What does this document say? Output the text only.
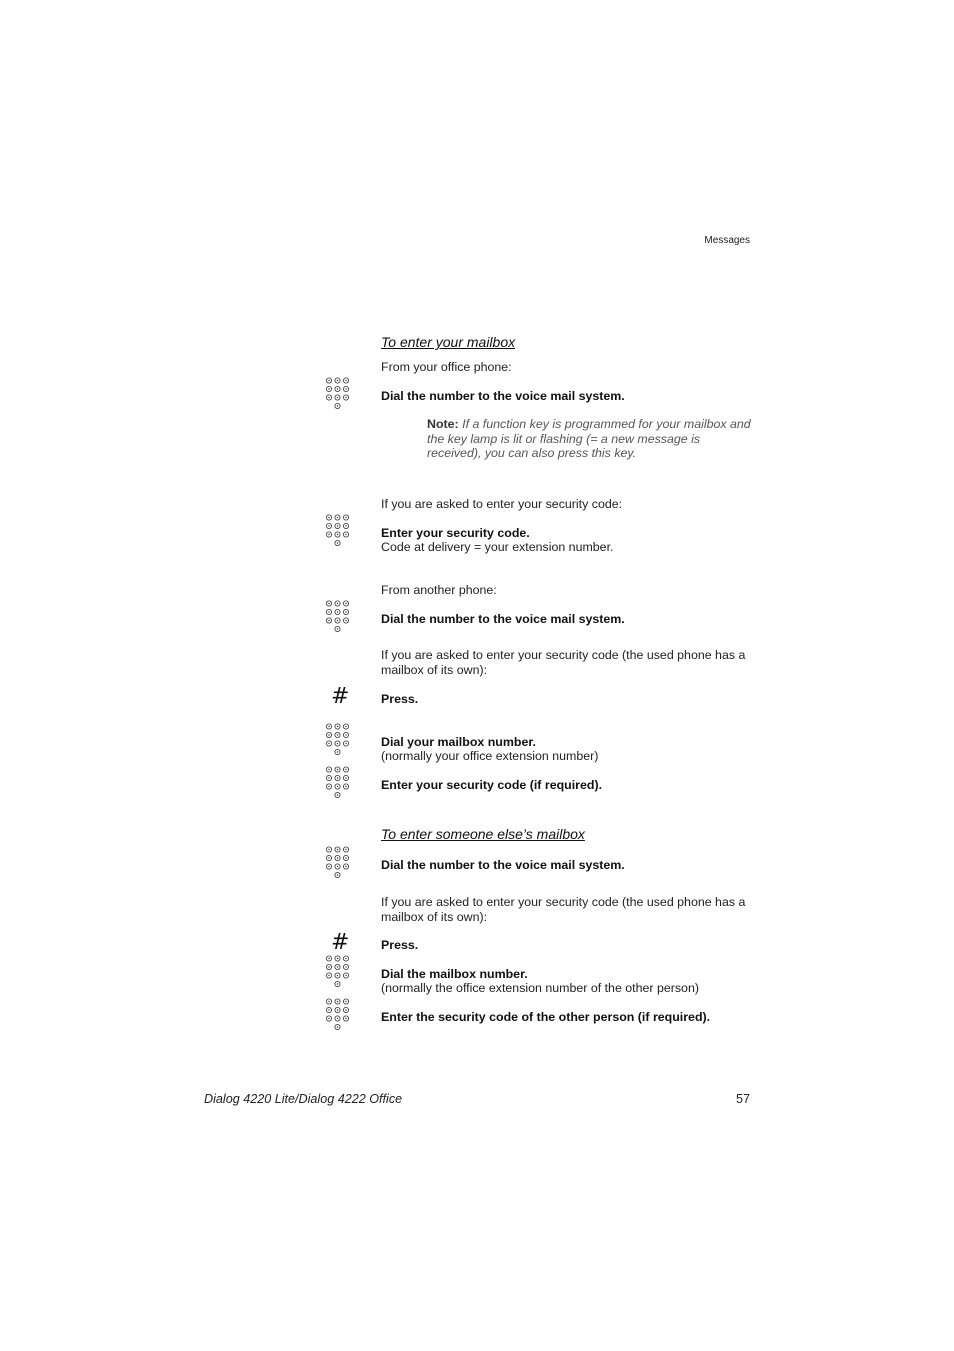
Messages
To enter your mailbox
From your office phone:
Dial the number to the voice mail system.
Note: If a function key is programmed for your mailbox and the key lamp is lit or flashing (= a new message is received), you can also press this key.
If you are asked to enter your security code:
Enter your security code.
Code at delivery = your extension number.
From another phone:
Dial the number to the voice mail system.
If you are asked to enter your security code (the used phone has a mailbox of its own):
#	Press.
Dial your mailbox number.
(normally your office extension number)
Enter your security code (if required).
To enter someone else’s mailbox
Dial the number to the voice mail system.
If you are asked to enter your security code (the used phone has a mailbox of its own):
#	Press.
Dial the mailbox number.
(normally the office extension number of the other person)
Enter the security code of the other person (if required).
Dialog 4220 Lite/Dialog 4222 Office	57
